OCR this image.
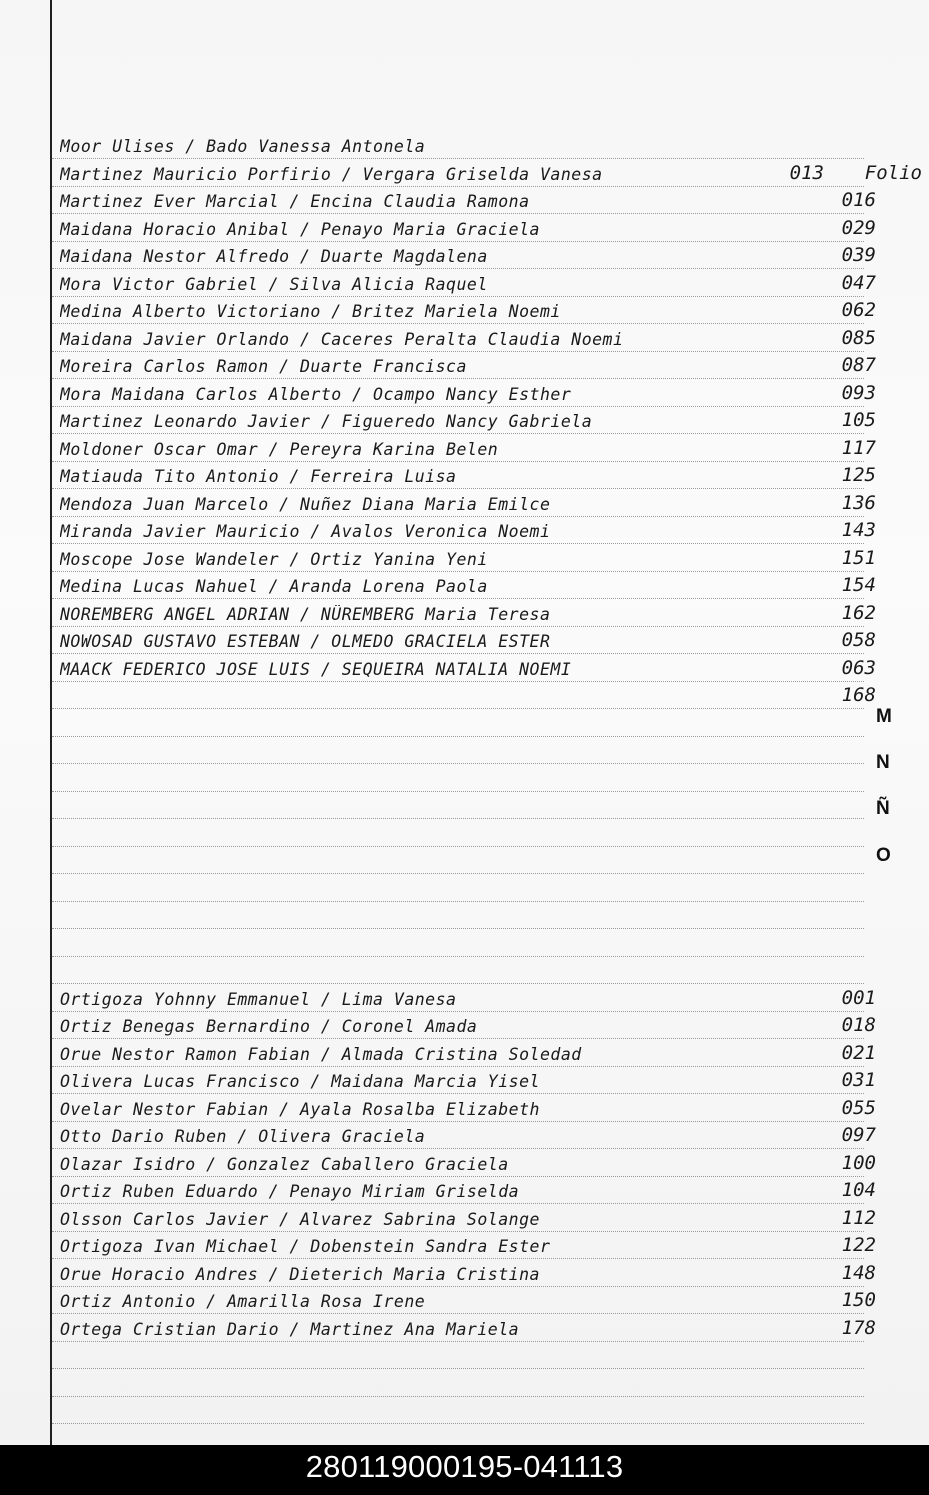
Moor Ulises / Bado Vanessa Antonela
Martinez Mauricio Porfirio / Vergara Griselda Vanesa	013 Folio
Martinez Ever Marcial / Encina Claudia Ramona	016
Maidana Horacio Anibal / Penayo Maria Graciela	029
Maidana Nestor Alfredo / Duarte Magdalena	039
Mora Victor Gabriel / Silva Alicia Raquel	047
Medina Alberto Victoriano / Britez Mariela Noemi	062
Maidana Javier Orlando / Caceres Peralta Claudia Noemi	085
Moreira Carlos Ramon / Duarte Francisca	087
Mora Maidana Carlos Alberto / Ocampo Nancy Esther	093
Martinez Leonardo Javier / Figueredo Nancy Gabriela	105
Moldoner Oscar Omar / Pereyra Karina Belen	117
Matiauda Tito Antonio / Ferreira Luisa	125
Mendoza Juan Marcelo / Nuñez Diana Maria Emilce	136
Miranda Javier Mauricio / Avalos Veronica Noemi	143
Moscope Jose Wandeler / Ortiz Yanina Yeni	151
Medina Lucas Nahuel / Aranda Lorena Paola	154
NOREMBERG ANGEL ADRIAN / NÜREMBERG Maria Teresa	162
NOWOSAD GUSTAVO ESTEBAN / OLMEDO GRACIELA ESTER	058
MAACK FEDERICO JOSE LUIS / SEQUEIRA NATALIA NOEMI	063
168
Ortigoza Yohnny Emmanuel / Lima Vanesa	001
Ortiz Benegas Bernardino / Coronel Amada	018
Orue Nestor Ramon Fabian / Almada Cristina Soledad	021
Olivera Lucas Francisco / Maidana Marcia Yisel	031
Ovelar Nestor Fabian / Ayala Rosalba Elizabeth	055
Otto Dario Ruben / Olivera Graciela	097
Olazar Isidro / Gonzalez Caballero Graciela	100
Ortiz Ruben Eduardo / Penayo Miriam Griselda	104
Olsson Carlos Javier / Alvarez Sabrina Solange	112
Ortigoza Ivan Michael / Dobenstein Sandra Ester	122
Orue Horacio Andres / Dieterich Maria Cristina	148
Ortiz Antonio / Amarilla Rosa Irene	150
Ortega Cristian Dario / Martinez Ana Mariela	178
M
N
Ñ
O
280119000195-041113
